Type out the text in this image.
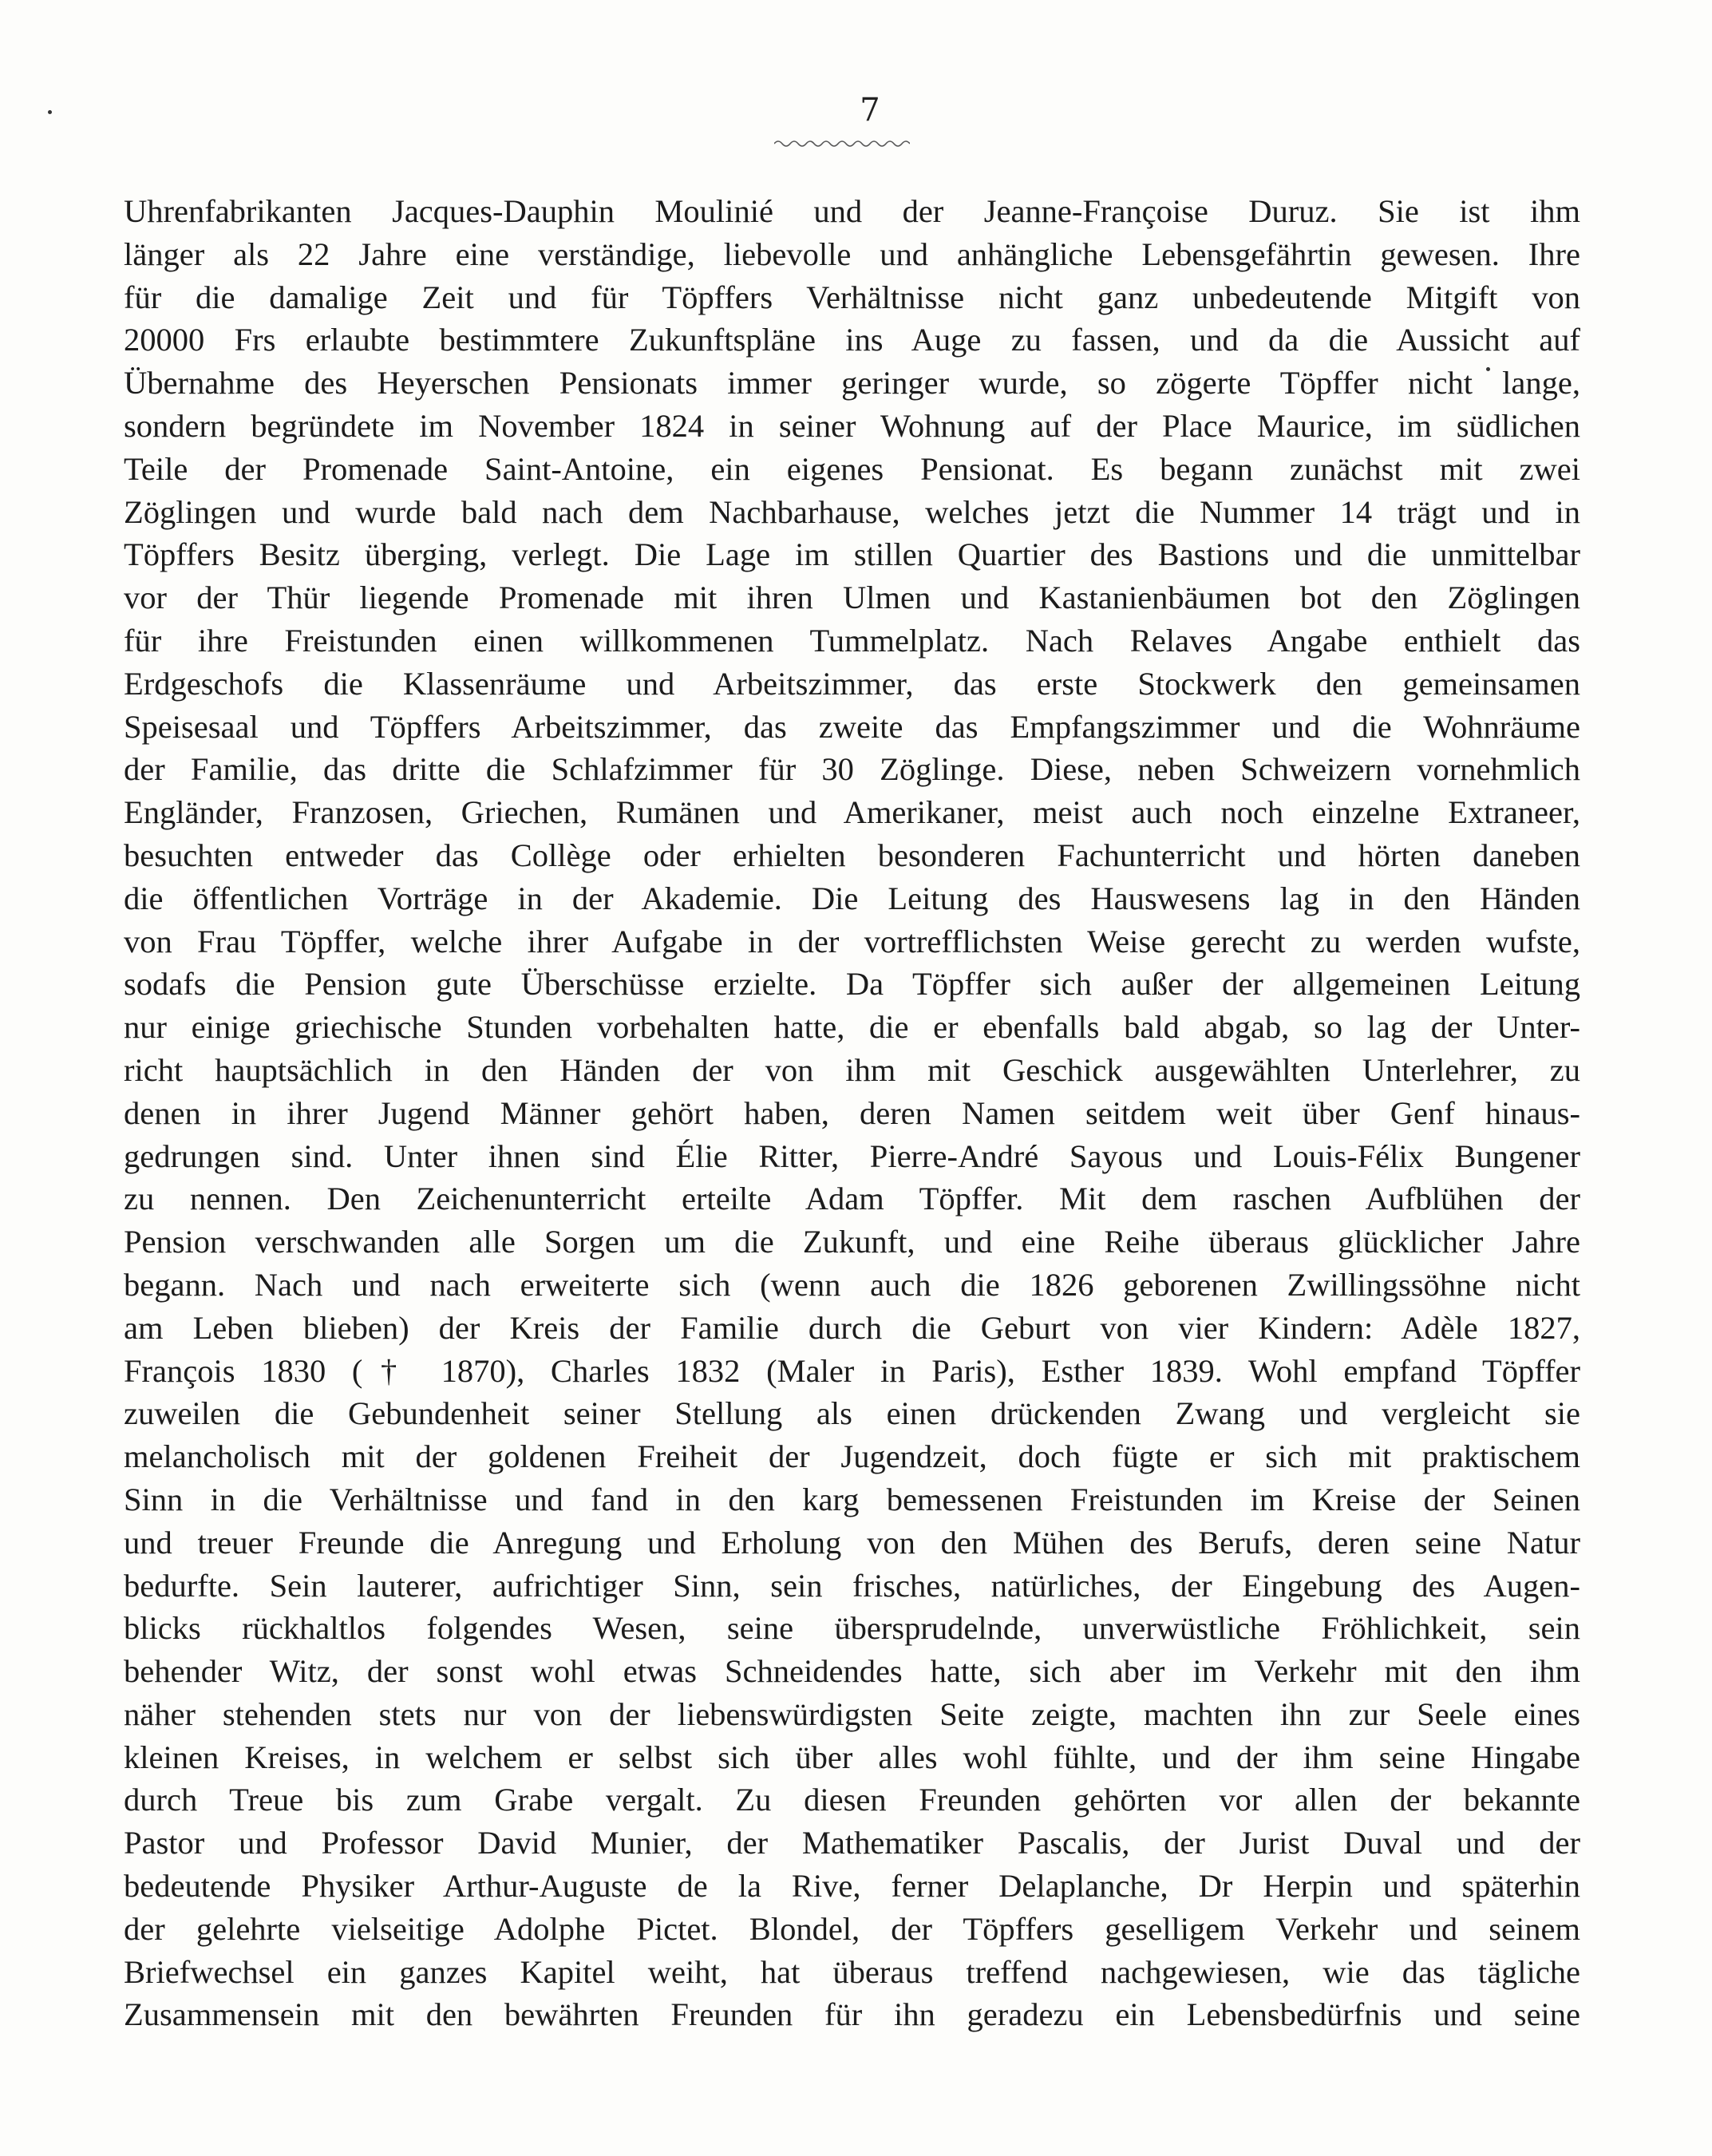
7
Uhrenfabrikanten Jacques-Dauphin Moulinié und der Jeanne-Françoise Duruz. Sie ist ihm
länger als 22 Jahre eine verständige, liebevolle und anhängliche Lebensgefährtin gewesen. Ihre
für die damalige Zeit und für Töpffers Verhältnisse nicht ganz unbedeutende Mitgift von
20000 Frs erlaubte bestimmtere Zukunftspläne ins Auge zu fassen, und da die Aussicht auf
Übernahme des Heyerschen Pensionats immer geringer wurde, so zögerte Töpffer nicht lange,
sondern begründete im November 1824 in seiner Wohnung auf der Place Maurice, im südlichen
Teile der Promenade Saint-Antoine, ein eigenes Pensionat. Es begann zunächst mit zwei
Zöglingen und wurde bald nach dem Nachbarhause, welches jetzt die Nummer 14 trägt und in
Töpffers Besitz überging, verlegt. Die Lage im stillen Quartier des Bastions und die unmittelbar
vor der Thür liegende Promenade mit ihren Ulmen und Kastanienbäumen bot den Zöglingen
für ihre Freistunden einen willkommenen Tummelplatz. Nach Relaves Angabe enthielt das
Erdgeschofs die Klassenräume und Arbeitszimmer, das erste Stockwerk den gemeinsamen
Speisesaal und Töpffers Arbeitszimmer, das zweite das Empfangszimmer und die Wohnräume
der Familie, das dritte die Schlafzimmer für 30 Zöglinge. Diese, neben Schweizern vornehmlich
Engländer, Franzosen, Griechen, Rumänen und Amerikaner, meist auch noch einzelne Extraneer,
besuchten entweder das Collège oder erhielten besonderen Fachunterricht und hörten daneben
die öffentlichen Vorträge in der Akademie. Die Leitung des Hauswesens lag in den Händen
von Frau Töpffer, welche ihrer Aufgabe in der vortrefflichsten Weise gerecht zu werden wufste,
sodafs die Pension gute Überschüsse erzielte. Da Töpffer sich außer der allgemeinen Leitung
nur einige griechische Stunden vorbehalten hatte, die er ebenfalls bald abgab, so lag der Unter-
richt hauptsächlich in den Händen der von ihm mit Geschick ausgewählten Unterlehrer, zu
denen in ihrer Jugend Männer gehört haben, deren Namen seitdem weit über Genf hinaus-
gedrungen sind. Unter ihnen sind Élie Ritter, Pierre-André Sayous und Louis-Félix Bungener
zu nennen. Den Zeichenunterricht erteilte Adam Töpffer. Mit dem raschen Aufblühen der
Pension verschwanden alle Sorgen um die Zukunft, und eine Reihe überaus glücklicher Jahre
begann. Nach und nach erweiterte sich (wenn auch die 1826 geborenen Zwillingssöhne nicht
am Leben blieben) der Kreis der Familie durch die Geburt von vier Kindern: Adèle 1827,
François 1830 († 1870), Charles 1832 (Maler in Paris), Esther 1839. Wohl empfand Töpffer
zuweilen die Gebundenheit seiner Stellung als einen drückenden Zwang und vergleicht sie
melancholisch mit der goldenen Freiheit der Jugendzeit, doch fügte er sich mit praktischem
Sinn in die Verhältnisse und fand in den karg bemessenen Freistunden im Kreise der Seinen
und treuer Freunde die Anregung und Erholung von den Mühen des Berufs, deren seine Natur
bedurfte. Sein lauterer, aufrichtiger Sinn, sein frisches, natürliches, der Eingebung des Augen-
blicks rückhaltlos folgendes Wesen, seine übersprudelnde, unverwüstliche Fröhlichkeit, sein
behender Witz, der sonst wohl etwas Schneidendes hatte, sich aber im Verkehr mit den ihm
näher stehenden stets nur von der liebenswürdigsten Seite zeigte, machten ihn zur Seele eines
kleinen Kreises, in welchem er selbst sich über alles wohl fühlte, und der ihm seine Hingabe
durch Treue bis zum Grabe vergalt. Zu diesen Freunden gehörten vor allen der bekannte
Pastor und Professor David Munier, der Mathematiker Pascalis, der Jurist Duval und der
bedeutende Physiker Arthur-Auguste de la Rive, ferner Delaplanche, Dr Herpin und späterhin
der gelehrte vielseitige Adolphe Pictet. Blondel, der Töpffers geselligem Verkehr und seinem
Briefwechsel ein ganzes Kapitel weiht, hat überaus treffend nachgewiesen, wie das tägliche
Zusammensein mit den bewährten Freunden für ihn geradezu ein Lebensbedürfnis und seine
